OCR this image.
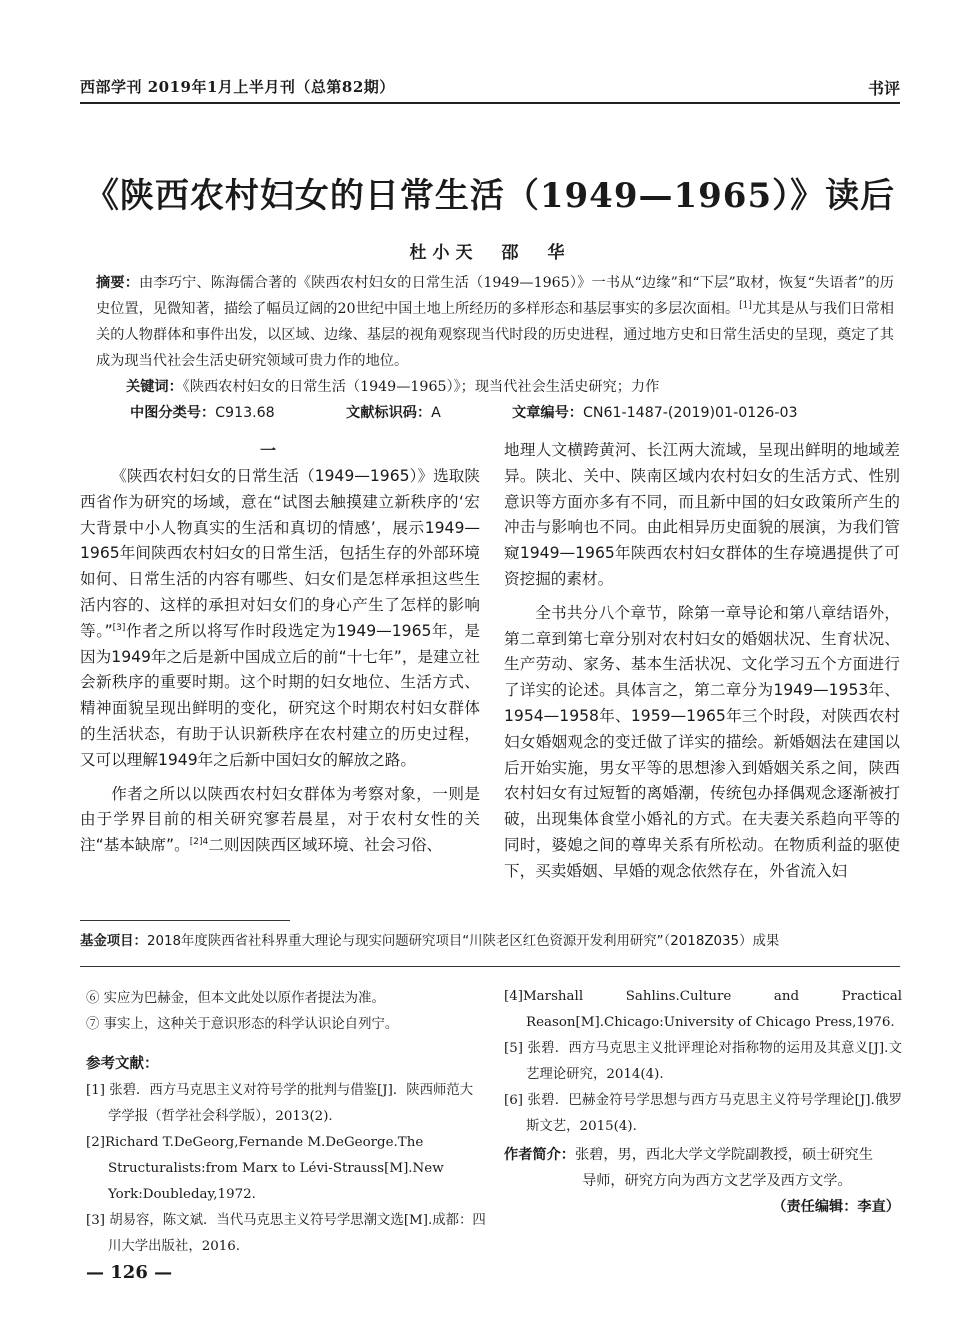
西部学刊 2019年1月上半月刊（总第82期）	书评
《陕西农村妇女的日常生活（1949—1965）》读后
杜小天　邵　华
摘要：由李巧宁、陈海儒合著的《陕西农村妇女的日常生活（1949—1965）》一书从“边缘”和“下层”取材，恢复“失语者”的历史位置，见微知著，描绘了幅员辽阔的20世纪中国土地上所经历的多样形态和基层事实的多层次面相。[1]尤其是从与我们日常相关的人物群体和事件出发，以区域、边缘、基层的视角观察现当代时段的历史进程，通过地方史和日常生活史的呈现，奠定了其成为现当代社会生活史研究领域可贵力作的地位。
关键词：《陕西农村妇女的日常生活（1949—1965）》；现当代社会生活史研究；力作
中图分类号：C913.68	文献标识码：A	文章编号：CN61-1487-(2019)01-0126-03
一

《陕西农村妇女的日常生活（1949—1965）》选取陕西省作为研究的场域，意在“试图去触摸建立新秩序的‘宏大背景中小人物真实的生活和真切的情感’，展示1949—1965年间陕西农村妇女的日常生活，包括生存的外部环境如何、日常生活的内容有哪些、妇女们是怎样承担这些生活内容的、这样的承担对妇女们的身心产生了怎样的影响等。”[3]作者之所以将写作时段选定为1949—1965年，是因为1949年之后是新中国成立后的前“十七年”，是建立社会新秩序的重要时期。这个时期的妇女地位、生活方式、精神面貌呈现出鲜明的变化，研究这个时期农村妇女群体的生活状态，有助于认识新秩序在农村建立的历史过程，又可以理解1949年之后新中国妇女的解放之路。

作者之所以以陕西农村妇女群体为考察对象，一则是由于学界目前的相关研究寥若晨星，对于农村女性的关注“基本缺席”。$^{[2]4}$二则因陕西区域环境、社会习俗、

地理人文横跨黄河、长江两大流域，呈现出鲜明的地域差异。陕北、关中、陕南区域内农村妇女的生活方式、性别意识等方面亦多有不同，而且新中国的妇女政策所产生的冲击与影响也不同。由此相异历史面貌的展演，为我们管窥1949—1965年陕西农村妇女群体的生存境遇提供了可资挖掘的素材。

全书共分八个章节，除第一章导论和第八章结语外，第二章到第七章分别对农村妇女的婚姻状况、生育状况、生产劳动、家务、基本生活状况、文化学习五个方面进行了详实的论述。具体言之，第二章分为1949—1953年、1954—1958年、1959—1965年三个时段，对陕西农村妇女婚姻观念的变迁做了详实的描绘。新婚姻法在建国以后开始实施，男女平等的思想渗入到婚姻关系之间，陕西农村妇女有过短暂的离婚潮，传统包办择偶观念逐渐被打破，出现集体食堂小婚礼的方式。在夫妻关系趋向平等的同时，婆媳之间的尊卑关系有所松动。在物质利益的驱使下，买卖婚姻、早婚的观念依然存在，外省流入妇

基金项目：2018年度陕西省社科界重大理论与现实问题研究项目“川陕老区红色资源开发利用研究”（2018Z035）成果
⑥ 实应为巴赫金，但本文此处以原作者提法为准。
⑦ 事实上，这种关于意识形态的科学认识论自列宁。
参考文献：
[1] 张碧．西方马克思主义对符号学的批判与借鉴[J]．陕西师范大学学报（哲学社会科学版），2013(2).
[2]Richard T.DeGeorg,Fernande M.DeGeorge.The Structuralists:from Marx to Lévi-Strauss[M].New York:Doubleday,1972.
[3] 胡易容，陈文斌．当代马克思主义符号学思潮文选[M].成都：四川大学出版社，2016.
[4]Marshall Sahlins.Culture and Practical Reason[M].Chicago:University of Chicago Press,1976.
[5] 张碧．西方马克思主义批评理论对指称物的运用及其意义[J].文艺理论研究，2014(4).
[6] 张碧．巴赫金符号学思想与西方马克思主义符号学理论[J].俄罗斯文艺，2015(4).
作者简介：张碧，男，西北大学文学院副教授，硕士研究生
导师，研究方向为西方文艺学及西方文学。
（责任编辑：李直）
— 126 —
